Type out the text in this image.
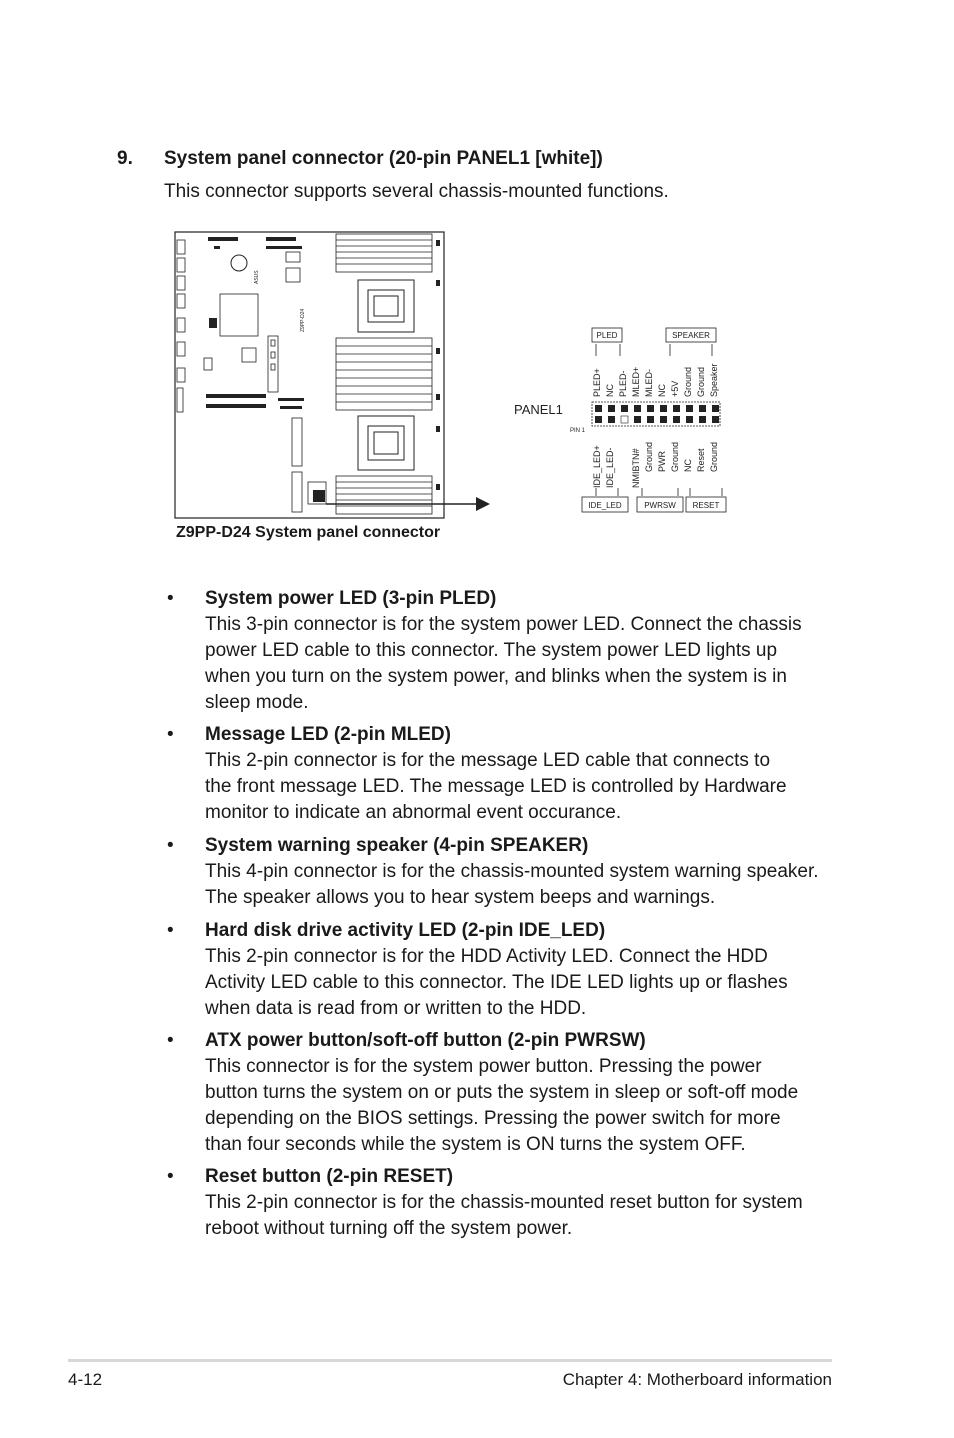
9. System panel connector (20-pin PANEL1 [white])
This connector supports several chassis-mounted functions.
ASUS
Z9PP-D24
PLED	SPEAKER
PLED+ NC PLED- MLED+ MLED- NC +5V Ground Ground Speaker
PANEL1
PIN 1
IDE_LED+ IDE_LED- NMIBTN# Ground PWR Ground NC Reset Ground
IDE_LED	PWRSW RESET
Z9PP-D24 System panel connector
• System power LED (3-pin PLED)
This 3-pin connector is for the system power LED. Connect the chassis
power LED cable to this connector. The system power LED lights up
when you turn on the system power, and blinks when the system is in
sleep mode.
• Message LED (2-pin MLED)
This 2-pin connector is for the message LED cable that connects to
the front message LED. The message LED is controlled by Hardware
monitor to indicate an abnormal event occurance.
• System warning speaker (4-pin SPEAKER)
This 4-pin connector is for the chassis-mounted system warning speaker.
The speaker allows you to hear system beeps and warnings.
• Hard disk drive activity LED (2-pin IDE_LED)
This 2-pin connector is for the HDD Activity LED. Connect the HDD
Activity LED cable to this connector. The IDE LED lights up or flashes
when data is read from or written to the HDD.
• ATX power button/soft-off button (2-pin PWRSW)
This connector is for the system power button. Pressing the power
button turns the system on or puts the system in sleep or soft-off mode
depending on the BIOS settings. Pressing the power switch for more
than four seconds while the system is ON turns the system OFF.
• Reset button (2-pin RESET)
This 2-pin connector is for the chassis-mounted reset button for system
reboot without turning off the system power.
4-12	Chapter 4: Motherboard information
